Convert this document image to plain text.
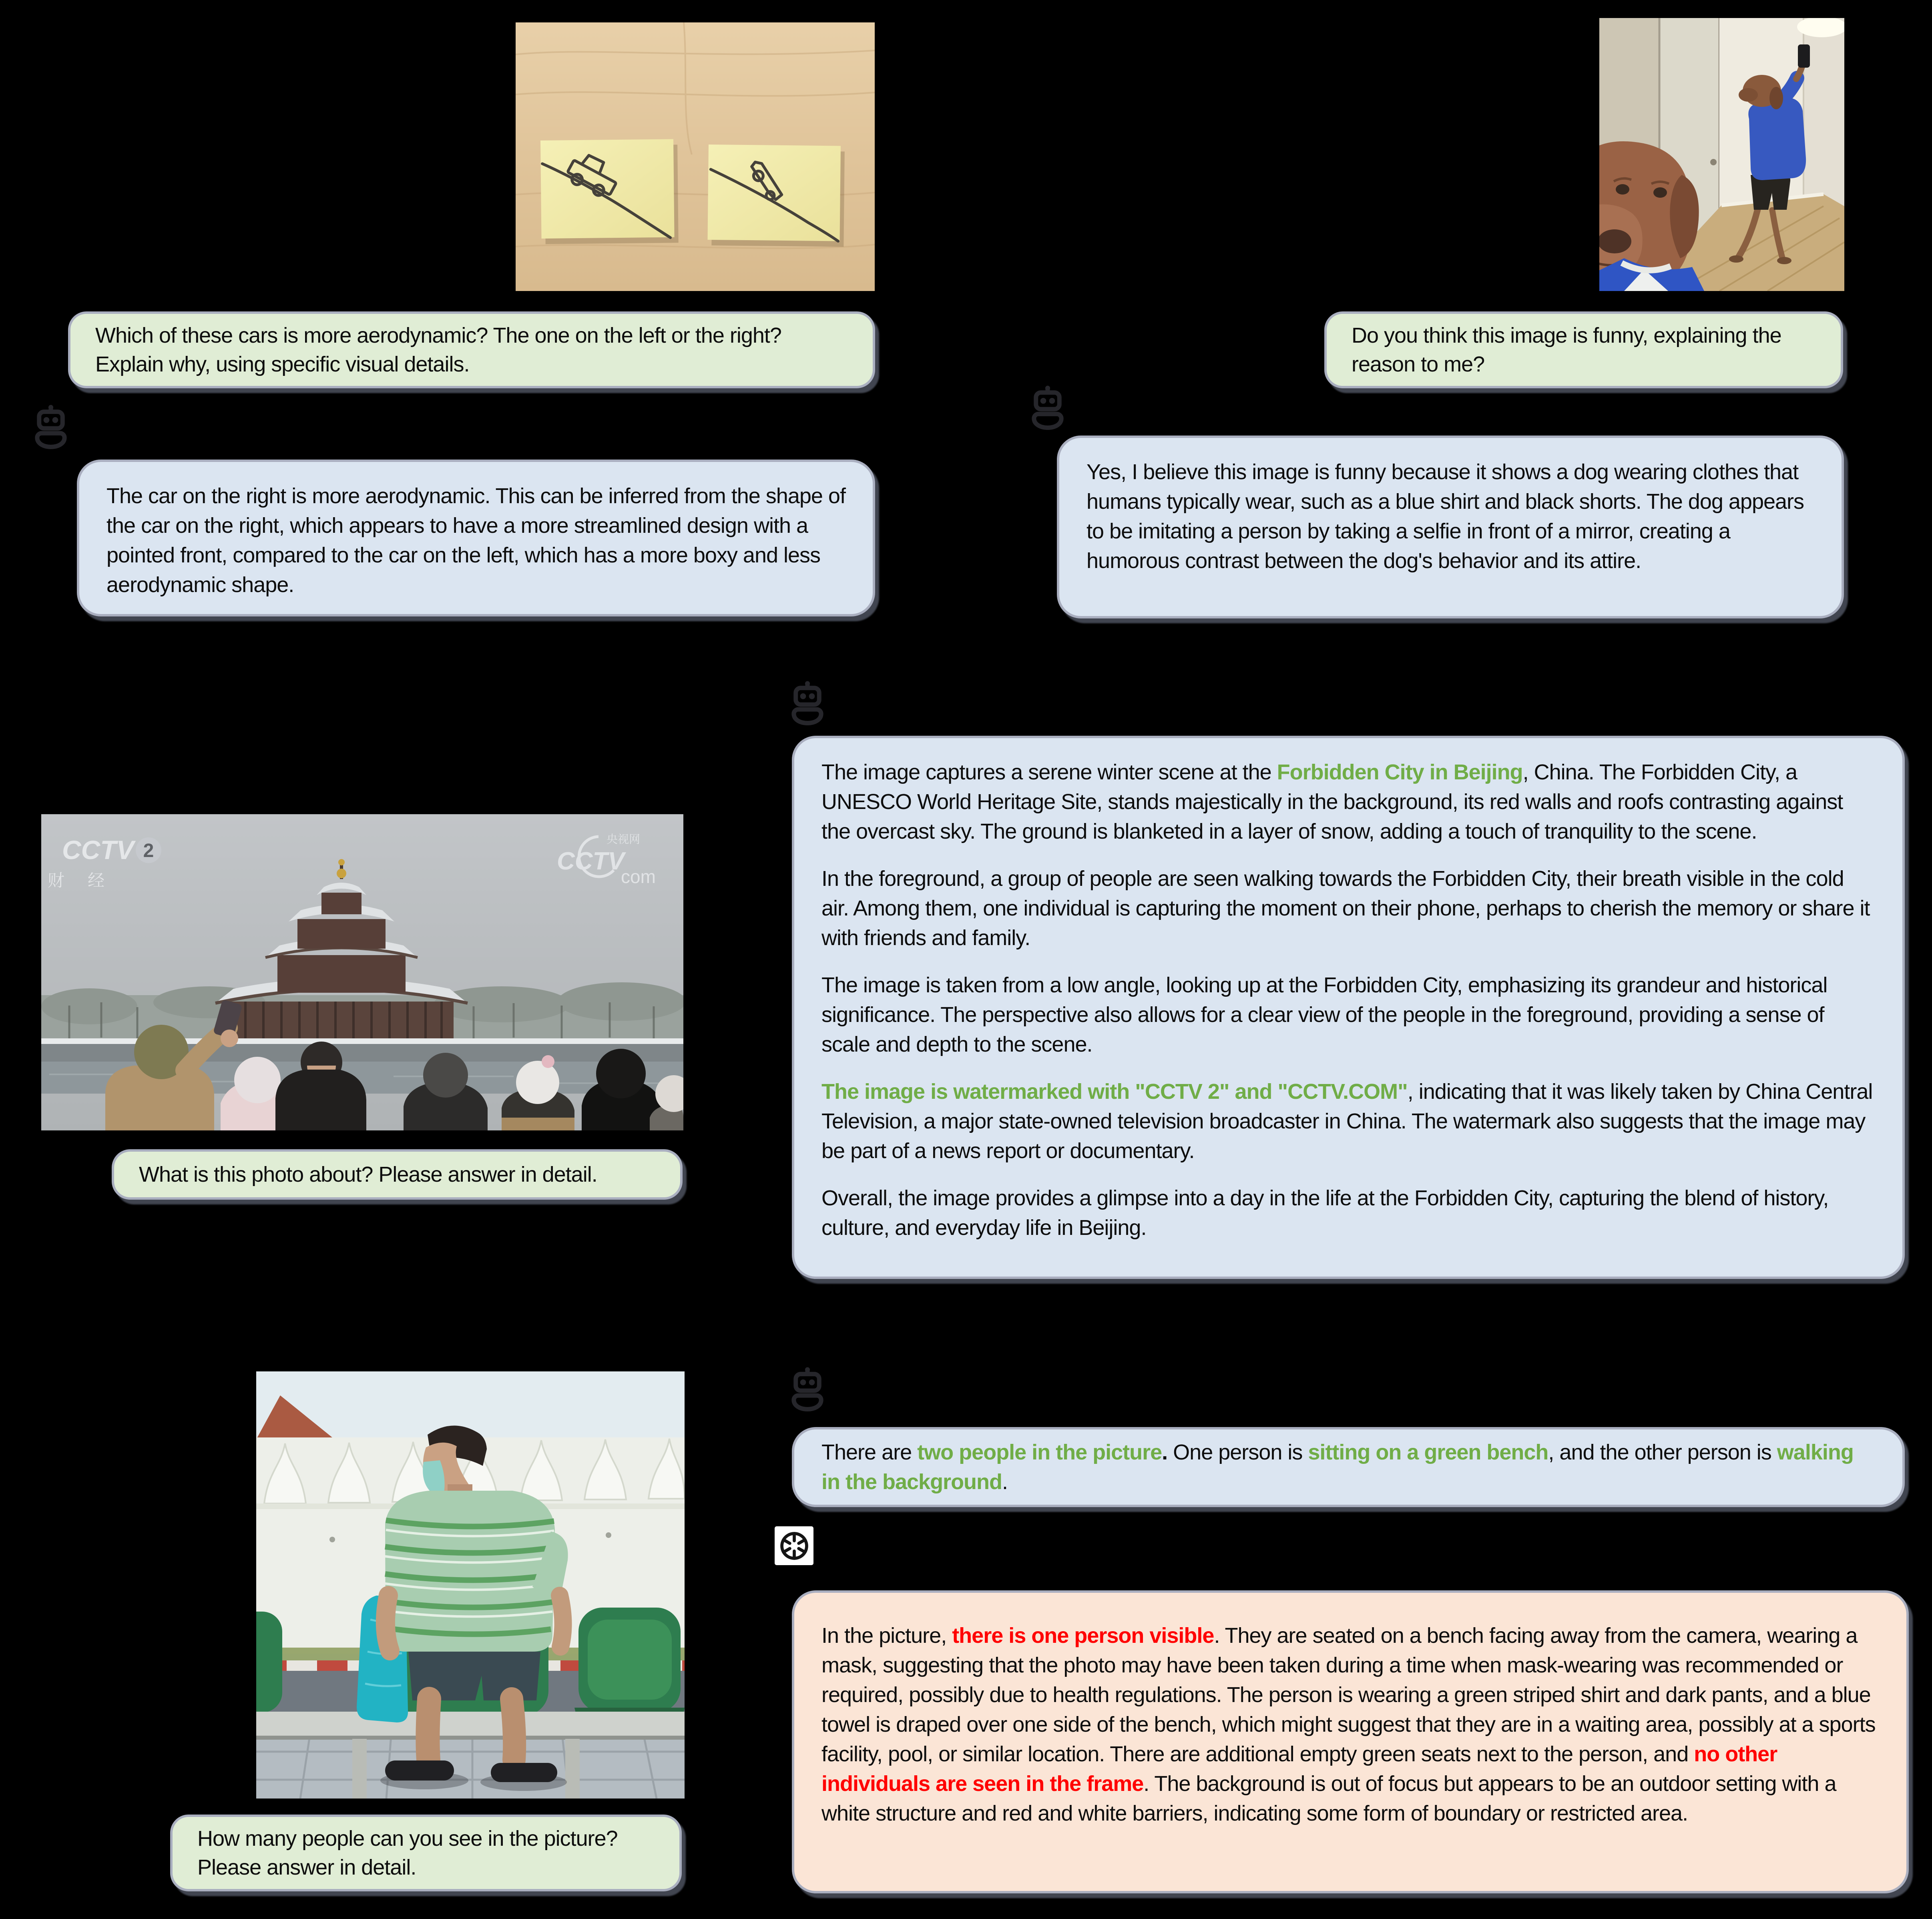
Which of these cars is more aerodynamic? The one on the left or the right? Explain why, using specific visual details.
The car on the right is more aerodynamic. This can be inferred from the shape of the car on the right, which appears to have a more streamlined design with a pointed front, compared to the car on the left, which has a more boxy and less aerodynamic shape.
Do you think this image is funny, explaining the reason to me?
Yes, I believe this image is funny because it shows a dog wearing clothes that humans typically wear, such as a blue shirt and black shorts. The dog appears to be imitating a person by taking a selfie in front of a mirror, creating a humorous contrast between the dog's behavior and its attire.

The image captures a serene winter scene at the Forbidden City in Beijing, China. The Forbidden City, a UNESCO World Heritage Site, stands majestically in the background, its red walls and roofs contrasting against the overcast sky. The ground is blanketed in a layer of snow, adding a touch of tranquility to the scene.

In the foreground, a group of people are seen walking towards the Forbidden City, their breath visible in the cold air. Among them, one individual is capturing the moment on their phone, perhaps to cherish the memory or share it with friends and family.

The image is taken from a low angle, looking up at the Forbidden City, emphasizing its grandeur and historical significance. The perspective also allows for a clear view of the people in the foreground, providing a sense of scale and depth to the scene.

The image is watermarked with "CCTV 2" and "CCTV.COM", indicating that it was likely taken by China Central Television, a major state-owned television broadcaster in China. The watermark also suggests that the image may be part of a news report or documentary.

Overall, the image provides a glimpse into a day in the life at the Forbidden City, capturing the blend of history, culture, and everyday life in Beijing.

CCTV 2
财经
央视网
CCTV
com
What is this photo about? Please answer in detail.
How many people can you see in the picture? Please answer in detail.
There are two people in the picture. One person is sitting on a green bench, and the other person is walking in the background.
In the picture, there is one person visible. They are seated on a bench facing away from the camera, wearing a mask, suggesting that the photo may have been taken during a time when mask-wearing was recommended or required, possibly due to health regulations. The person is wearing a green striped shirt and dark pants, and a blue towel is draped over one side of the bench, which might suggest that they are in a waiting area, possibly at a sports facility, pool, or similar location. There are additional empty green seats next to the person, and no other individuals are seen in the frame. The background is out of focus but appears to be an outdoor setting with a white structure and red and white barriers, indicating some form of boundary or restricted area.
